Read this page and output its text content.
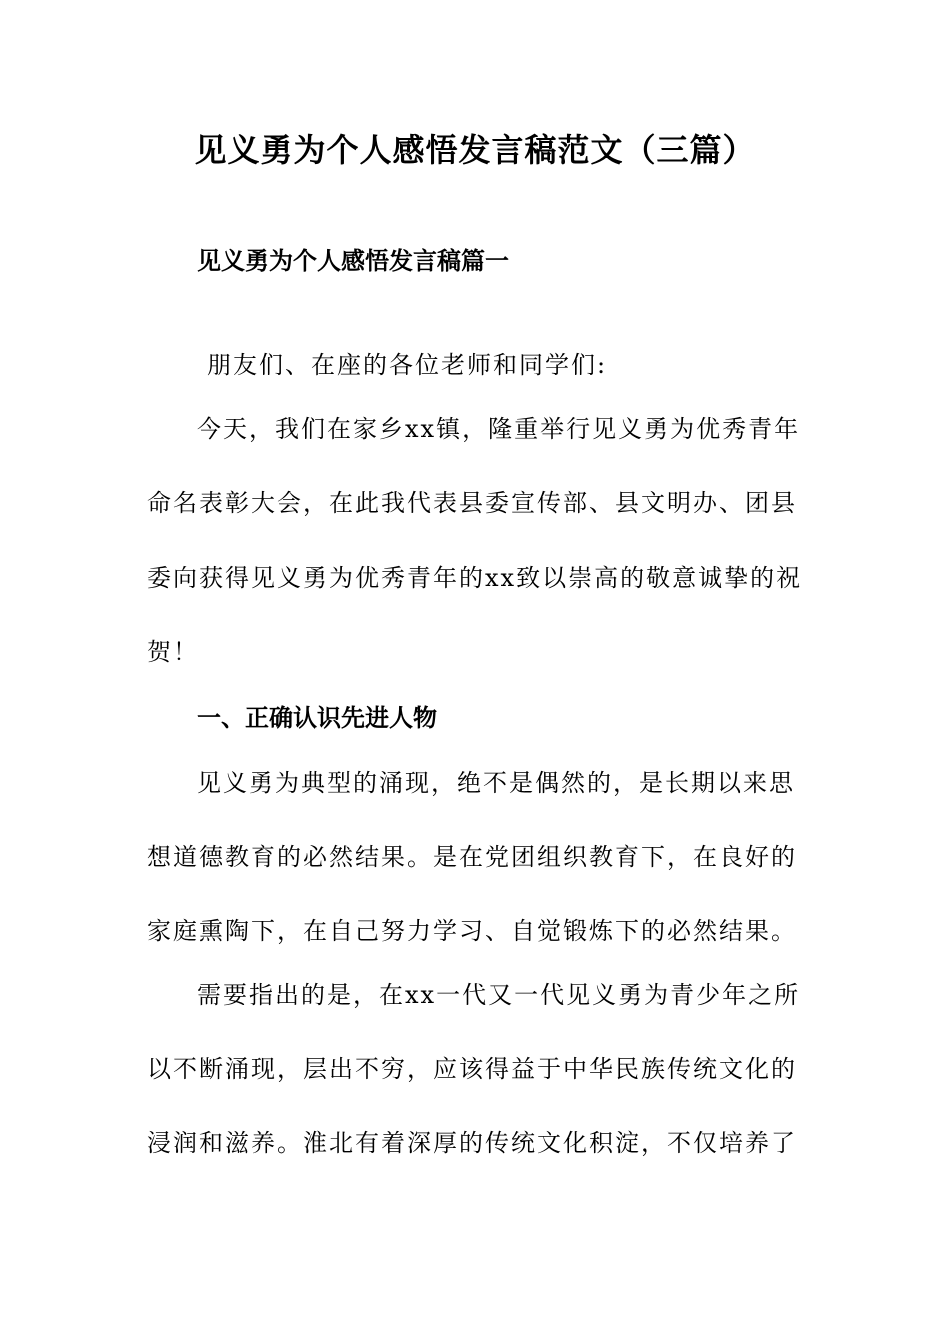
见义勇为个人感悟发言稿范文（三篇）
见义勇为个人感悟发言稿篇一
朋友们、在座的各位老师和同学们:
今天，我们在家乡xx镇，隆重举行见义勇为优秀青年
命名表彰大会，在此我代表县委宣传部、县文明办、团县
委向获得见义勇为优秀青年的xx致以崇高的敬意诚挚的祝
贺！
一、正确认识先进人物
见义勇为典型的涌现，绝不是偶然的，是长期以来思
想道德教育的必然结果。是在党团组织教育下，在良好的
家庭熏陶下，在自己努力学习、自觉锻炼下的必然结果。
需要指出的是，在xx一代又一代见义勇为青少年之所
以不断涌现，层出不穷，应该得益于中华民族传统文化的
浸润和滋养。淮北有着深厚的传统文化积淀，不仅培养了
